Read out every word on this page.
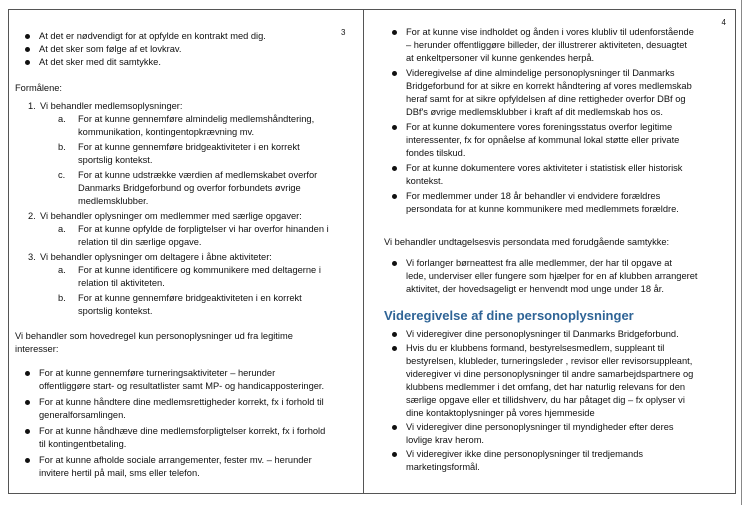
3
At det er nødvendigt for at opfylde en kontrakt med dig.
At det sker som følge af et lovkrav.
At det sker med dit samtykke.

Formålene:

1. Vi behandler medlemsoplysninger:
a. For at kunne gennemføre almindelig medlemshåndtering,
kommunikation, kontingentopkrævning mv.
b. For at kunne gennemføre bridgeaktiviteter i en korrekt
sportslig kontekst.
c. For at kunne udstrække værdien af medlemskabet overfor
Danmarks Bridgeforbund og overfor forbundets øvrige
medlemsklubber.
2. Vi behandler oplysninger om medlemmer med særlige opgaver:
a. For at kunne opfylde de forpligtelser vi har overfor hinanden i
relation til din særlige opgave.
3. Vi behandler oplysninger om deltagere i åbne aktiviteter:
a. For at kunne identificere og kommunikere med deltagerne i
relation til aktiviteten.
b. For at kunne gennemføre bridgeaktiviteten i en korrekt
sportslig kontekst.

Vi behandler som hovedregel kun personoplysninger ud fra legitime
interesser:

For at kunne gennemføre turneringsaktiviteter – herunder
offentliggøre start- og resultatlister samt MP- og handicapposteringer.
For at kunne håndtere dine medlemsrettigheder korrekt, fx i forhold til
generalforsamlingen.
For at kunne håndhæve dine medlemsforpligtelser korrekt, fx i forhold
til kontingentbetaling.
For at kunne afholde sociale arrangementer, fester mv. – herunder
invitere hertil på mail, sms eller telefon.
4
For at kunne vise indholdet og ånden i vores klubliv til udenforstående
– herunder offentliggøre billeder, der illustrerer aktiviteten, desuagtet
at enkeltpersoner vil kunne genkendes herpå.
Videregivelse af dine almindelige personoplysninger til Danmarks
Bridgeforbund for at sikre en korrekt håndtering af vores medlemskab
heraf samt for at sikre opfyldelsen af dine rettigheder overfor DBf og
DBf's øvrige medlemsklubber i kraft af dit medlemskab hos os.
For at kunne dokumentere vores foreningsstatus overfor legitime
interessenter, fx for opnåelse af kommunal lokal støtte eller private
fondes tilskud.
For at kunne dokumentere vores aktiviteter i statistisk eller historisk
kontekst.
For medlemmer under 18 år behandler vi endvidere forældres
persondata for at kunne kommunikere med medlemmets forældre.

Vi behandler undtagelsesvis persondata med forudgående samtykke:

Vi forlanger børneattest fra alle medlemmer, der har til opgave at
lede, underviser eller fungere som hjælper for en af klubben arrangeret
aktivitet, der hovedsageligt er henvendt mod unge under 18 år.
Videregivelse af dine personoplysninger
Vi videregiver dine personoplysninger til Danmarks Bridgeforbund.
Hvis du er klubbens formand, bestyrelsesmedlem, suppleant til
bestyrelsen, klubleder, turneringsleder , revisor eller revisorsuppleant,
videregiver vi dine personoplysninger til andre samarbejdspartnere og
klubbens medlemmer i det omfang, det har naturlig relevans for den
særlige opgave eller et tillidshverv, du har påtaget dig – fx oplyser vi
dine kontaktoplysninger på vores hjemmeside
Vi videregiver dine personoplysninger til myndigheder efter deres
lovlige krav herom.
Vi videregiver ikke dine personoplysninger til tredjemands
marketingsformål.
